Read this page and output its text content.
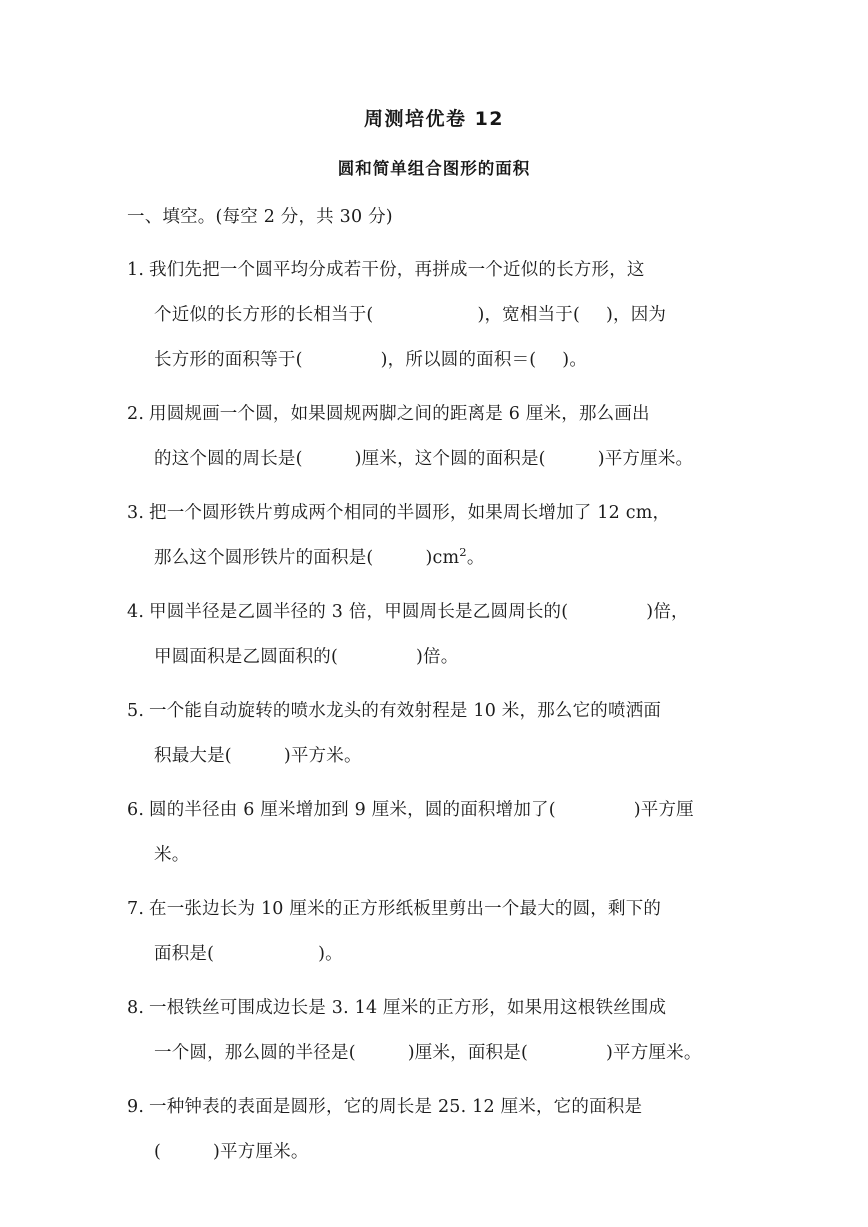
周测培优卷 12
圆和简单组合图形的面积
一、填空。(每空 2 分，共 30 分)
1. 我们先把一个圆平均分成若干份，再拼成一个近似的长方形，这
个近似的长方形的长相当于(	)，宽相当于( )，因为
长方形的面积等于(	)，所以圆的面积＝( )。
2. 用圆规画一个圆，如果圆规两脚之间的距离是 6 厘米，那么画出
的这个圆的周长是(	)厘米，这个圆的面积是(	)平方厘米。
3. 把一个圆形铁片剪成两个相同的半圆形，如果周长增加了 12 cm，
那么这个圆形铁片的面积是(	)$cm^2$。
4. 甲圆半径是乙圆半径的 3 倍，甲圆周长是乙圆周长的(	)倍，
甲圆面积是乙圆面积的(	)倍。
5. 一个能自动旋转的喷水龙头的有效射程是 10 米，那么它的喷洒面
积最大是(	)平方米。
6. 圆的半径由 6 厘米增加到 9 厘米，圆的面积增加了(	)平方厘
米。
7. 在一张边长为 10 厘米的正方形纸板里剪出一个最大的圆，剩下的
面积是(	)。
8. 一根铁丝可围成边长是 3. 14 厘米的正方形，如果用这根铁丝围成
一个圆，那么圆的半径是(	)厘米，面积是(	)平方厘米。
9. 一种钟表的表面是圆形，它的周长是 25. 12 厘米，它的面积是
(	)平方厘米。
